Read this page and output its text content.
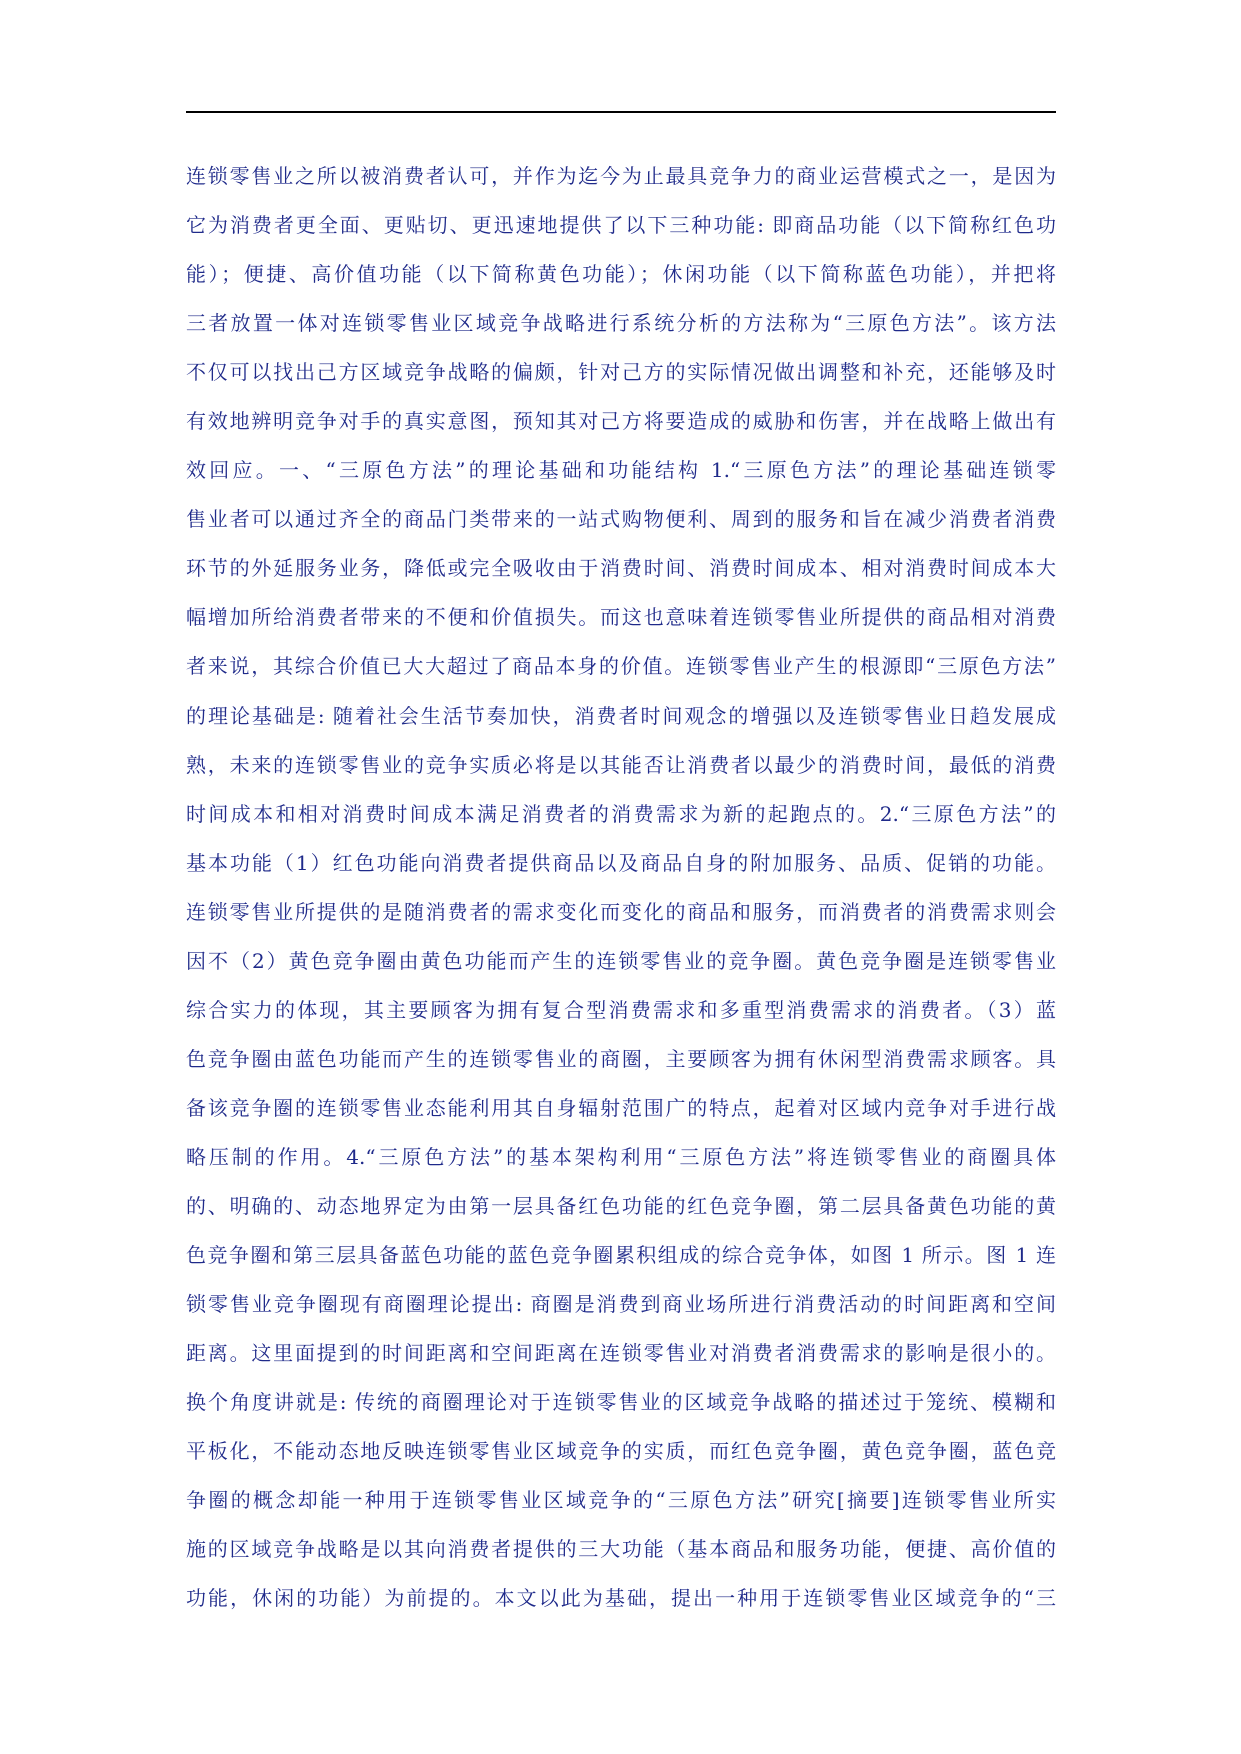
连锁零售业之所以被消费者认可，并作为迄今为止最具竞争力的商业运营模式之一，是因为
它为消费者更全面、更贴切、更迅速地提供了以下三种功能: 即商品功能（以下简称红色功
能）；便捷、高价值功能（以下简称黄色功能）；休闲功能（以下简称蓝色功能），并把将
三者放置一体对连锁零售业区域竞争战略进行系统分析的方法称为“三原色方法”。该方法
不仅可以找出己方区域竞争战略的偏颇，针对己方的实际情况做出调整和补充，还能够及时
有效地辨明竞争对手的真实意图，预知其对己方将要造成的威胁和伤害，并在战略上做出有
效回应。一、“三原色方法”的理论基础和功能结构 1.“三原色方法”的理论基础连锁零
售业者可以通过齐全的商品门类带来的一站式购物便利、周到的服务和旨在减少消费者消费
环节的外延服务业务，降低或完全吸收由于消费时间、消费时间成本、相对消费时间成本大
幅增加所给消费者带来的不便和价值损失。而这也意味着连锁零售业所提供的商品相对消费
者来说，其综合价值已大大超过了商品本身的价值。连锁零售业产生的根源即“三原色方法”
的理论基础是: 随着社会生活节奏加快，消费者时间观念的增强以及连锁零售业日趋发展成
熟，未来的连锁零售业的竞争实质必将是以其能否让消费者以最少的消费时间，最低的消费
时间成本和相对消费时间成本满足消费者的消费需求为新的起跑点的。2.“三原色方法”的
基本功能（1）红色功能向消费者提供商品以及商品自身的附加服务、品质、促销的功能。
连锁零售业所提供的是随消费者的需求变化而变化的商品和服务，而消费者的消费需求则会
因不（2）黄色竞争圈由黄色功能而产生的连锁零售业的竞争圈。黄色竞争圈是连锁零售业
综合实力的体现，其主要顾客为拥有复合型消费需求和多重型消费需求的消费者。（3）蓝
色竞争圈由蓝色功能而产生的连锁零售业的商圈，主要顾客为拥有休闲型消费需求顾客。具
备该竞争圈的连锁零售业态能利用其自身辐射范围广的特点，起着对区域内竞争对手进行战
略压制的作用。4.“三原色方法”的基本架构利用“三原色方法”将连锁零售业的商圈具体
的、明确的、动态地界定为由第一层具备红色功能的红色竞争圈，第二层具备黄色功能的黄
色竞争圈和第三层具备蓝色功能的蓝色竞争圈累积组成的综合竞争体，如图 1 所示。图 1 连
锁零售业竞争圈现有商圈理论提出: 商圈是消费到商业场所进行消费活动的时间距离和空间
距离。这里面提到的时间距离和空间距离在连锁零售业对消费者消费需求的影响是很小的。
换个角度讲就是: 传统的商圈理论对于连锁零售业的区域竞争战略的描述过于笼统、模糊和
平板化，不能动态地反映连锁零售业区域竞争的实质，而红色竞争圈，黄色竞争圈，蓝色竞
争圈的概念却能一种用于连锁零售业区域竞争的“三原色方法”研究[摘要]连锁零售业所实
施的区域竞争战略是以其向消费者提供的三大功能（基本商品和服务功能，便捷、高价值的
功能，休闲的功能）为前提的。本文以此为基础，提出一种用于连锁零售业区域竞争的“三
